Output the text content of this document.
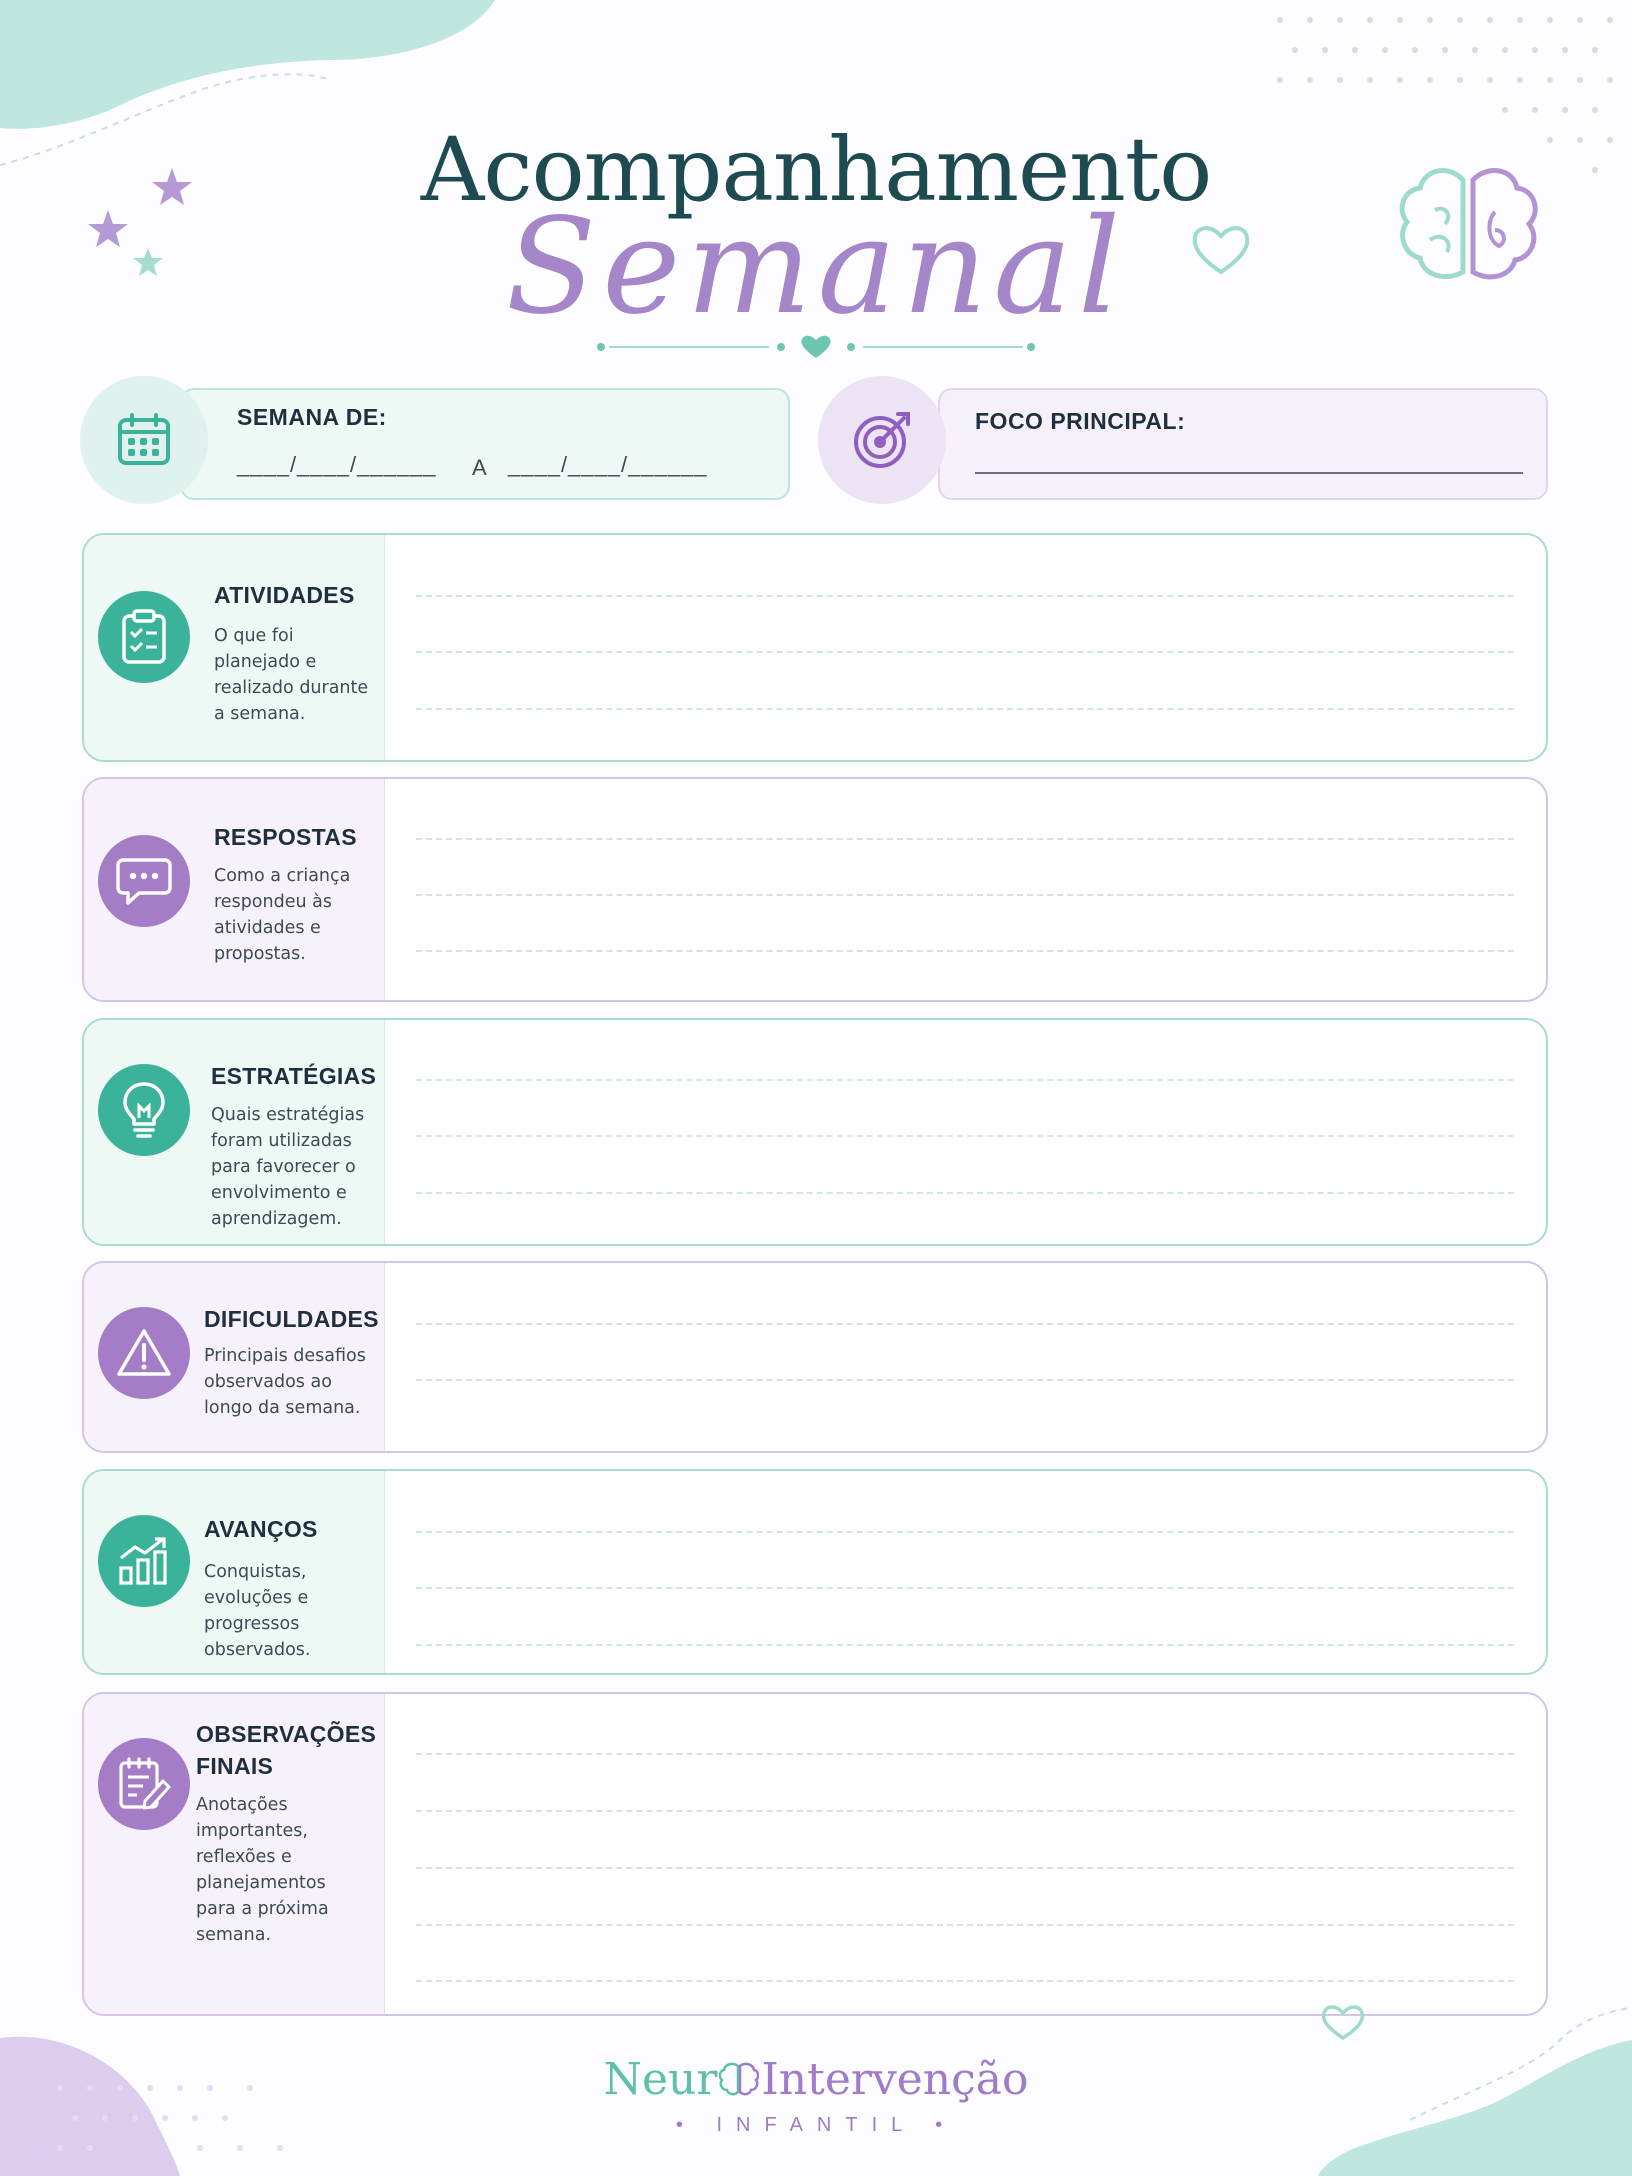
Acompanhamento
Semanal
SEMANA DE:
____/____/______ A ____/____/______
FOCO PRINCIPAL:
ATIVIDADES
O que foi planejado e realizado durante a semana.
RESPOSTAS
Como a criança respondeu às atividades e propostas.
ESTRATÉGIAS
Quais estratégias foram utilizadas para favorecer o envolvimento e aprendizagem.
DIFICULDADES
Principais desafios observados ao longo da semana.
AVANÇOS
Conquistas, evoluções e progressos observados.
OBSERVAÇÕES FINAIS
Anotações importantes, reflexões e planejamentos para a próxima semana.
Neur Intervenção
• INFANTIL •
